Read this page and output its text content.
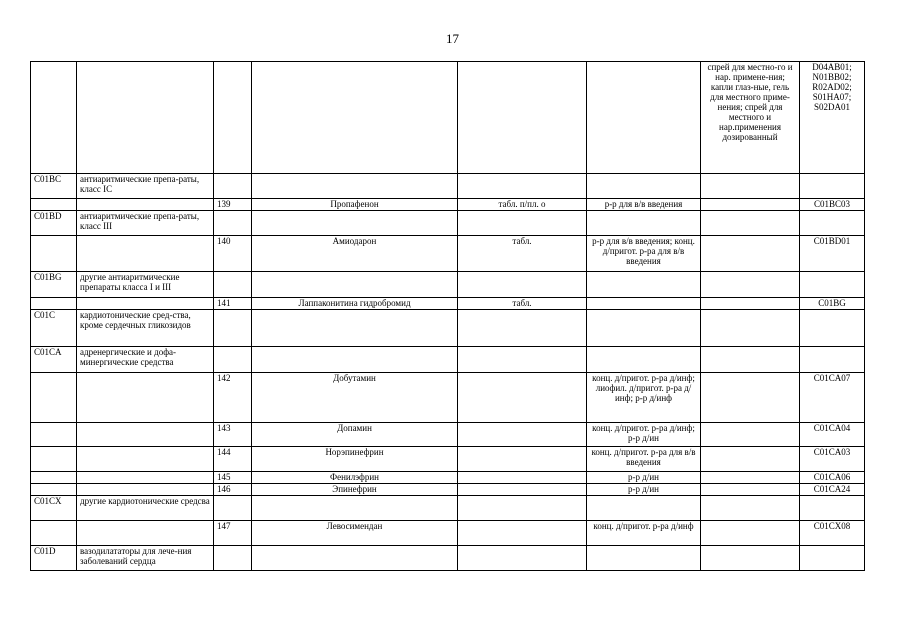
17
						спрей для местно-го и нар. примене-ния; капли глаз-ные, гель для местного приме-нения; спрей для местного и нар.применения дозированный	D04AB01; N01BB02; R02AD02; S01HA07; S02DA01
C01BC	антиаритмические препа-раты, класс IC						
		139	Пропафенон	табл. п/пл. о	р-р для в/в введения		C01BC03
C01BD	антиаритмические препа-раты, класс III						
		140	Амиодарон	табл.	р-р для в/в введения; конц. д/пригот. р-ра для в/в введения		C01BD01
C01BG	другие антиаритмические препараты класса I и III						
		141	Лаппаконитина гидробромид	табл.			C01BG
C01C	кардиотонические сред-ства, кроме сердечных гликозидов						
C01CA	адренергические и дофа-минергические средства						
		142	Добутамин		конц. д/пригот. р-ра д/инф; лиофил. д/пригот. р-ра д/инф; р-р д/инф		C01CA07
		143	Допамин		конц. д/пригот. р-ра д/инф; р-р д/ин		C01CA04
		144	Норэпинефрин		конц. д/пригот. р-ра для в/в введения		C01CA03
		145	Фенилэфрин		р-р д/ин		C01CA06
		146	Эпинефрин		р-р д/ин		C01CA24
C01CX	другие кардиотонические средсва						
		147	Левосимендан		конц. д/пригот. р-ра д/инф		C01CX08
C01D	вазодилататоры для лече-ния заболеваний сердца						
